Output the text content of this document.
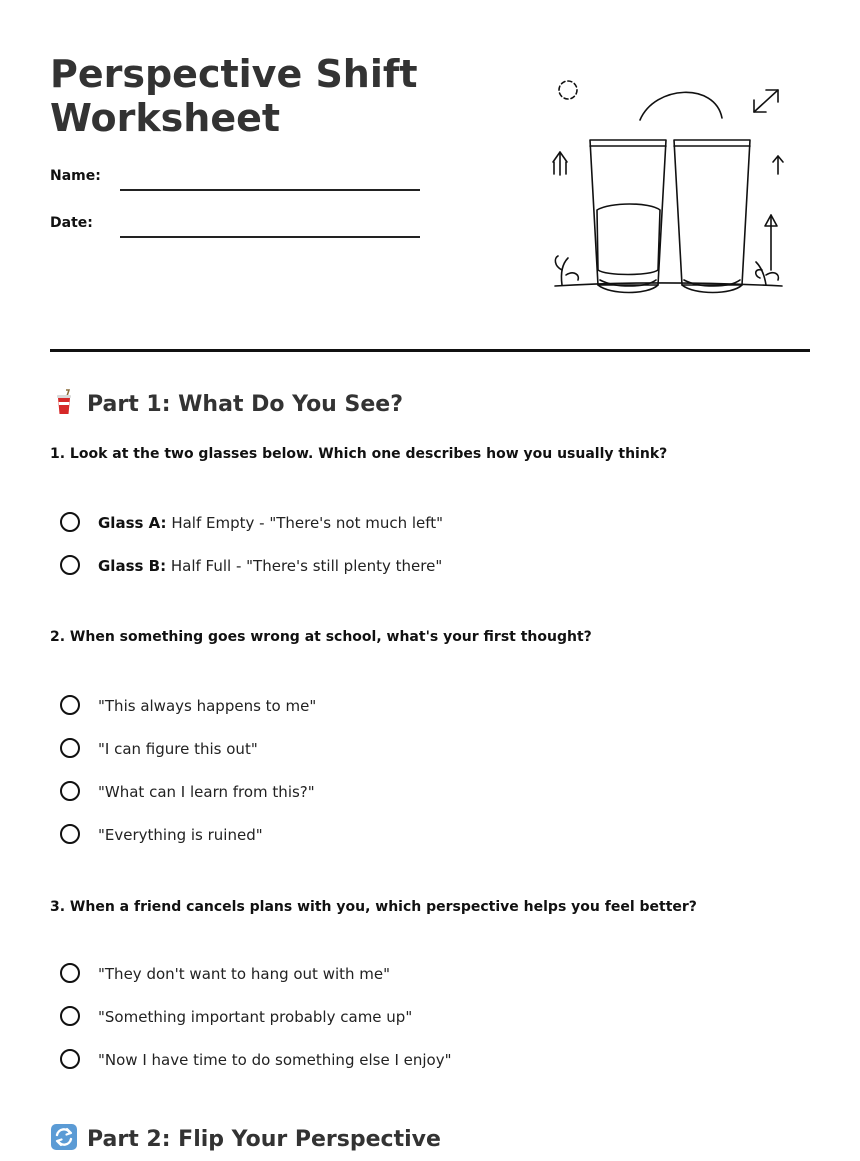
Perspective Shift
Worksheet
Name:
Date:
Part 1: What Do You See?

1. Look at the two glasses below. Which one describes how you usually think?

Glass A: Half Empty - "There's not much left"
Glass B: Half Full - "There's still plenty there"

2. When something goes wrong at school, what's your first thought?

"This always happens to me"
"I can figure this out"
"What can I learn from this?"
"Everything is ruined"

3. When a friend cancels plans with you, which perspective helps you feel better?

"They don't want to hang out with me"
"Something important probably came up"
"Now I have time to do something else I enjoy"
Part 2: Flip Your Perspective
